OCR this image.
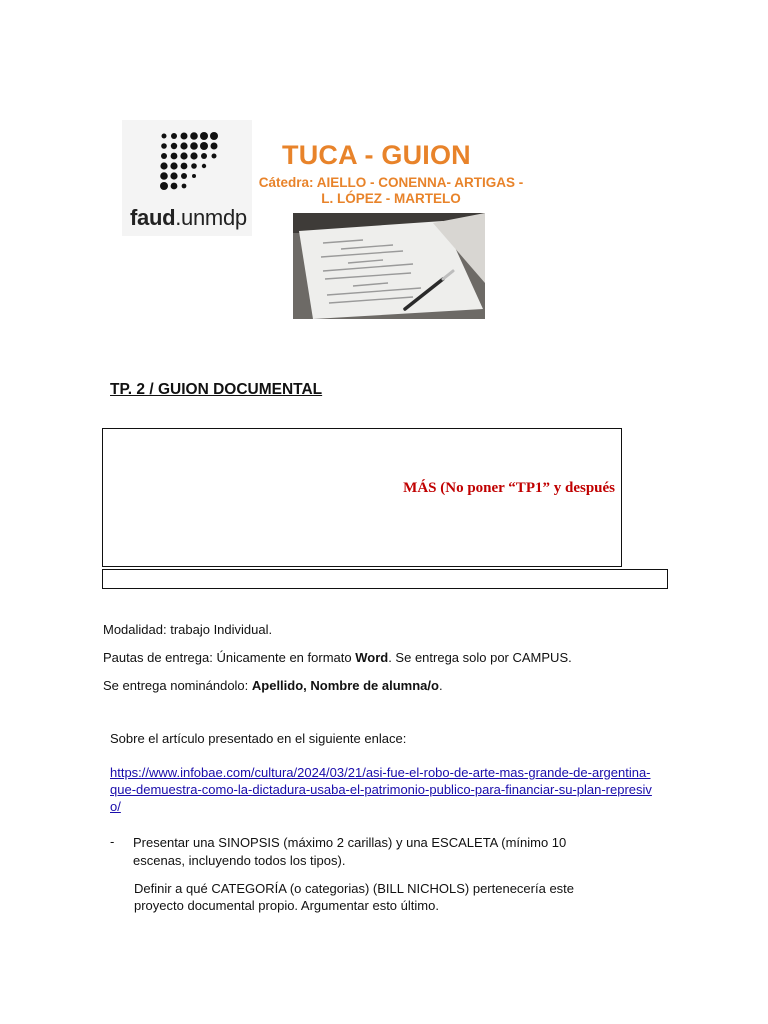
faud.unmdp
TUCA - GUION
Cátedra: AIELLO - CONENNA- ARTIGAS -
L. LÓPEZ - MARTELO
TP. 2 / GUION DOCUMENTAL
MÁS (No poner “TP1” y después
Modalidad: trabajo Individual.
Pautas de entrega: Únicamente en formato Word. Se entrega solo por CAMPUS.
Se entrega nominándolo: Apellido, Nombre de alumna/o.
Sobre el artículo presentado en el siguiente enlace:
https://www.infobae.com/cultura/2024/03/21/asi-fue-el-robo-de-arte-mas-grande-de-argentina-que-demuestra-como-la-dictadura-usaba-el-patrimonio-publico-para-financiar-su-plan-represivo/
- Presentar una SINOPSIS (máximo 2 carillas) y una ESCALETA (mínimo 10 escenas, incluyendo todos los tipos).
Definir a qué CATEGORÍA (o categorias) (BILL NICHOLS) pertenecería este proyecto documental propio. Argumentar esto último.
